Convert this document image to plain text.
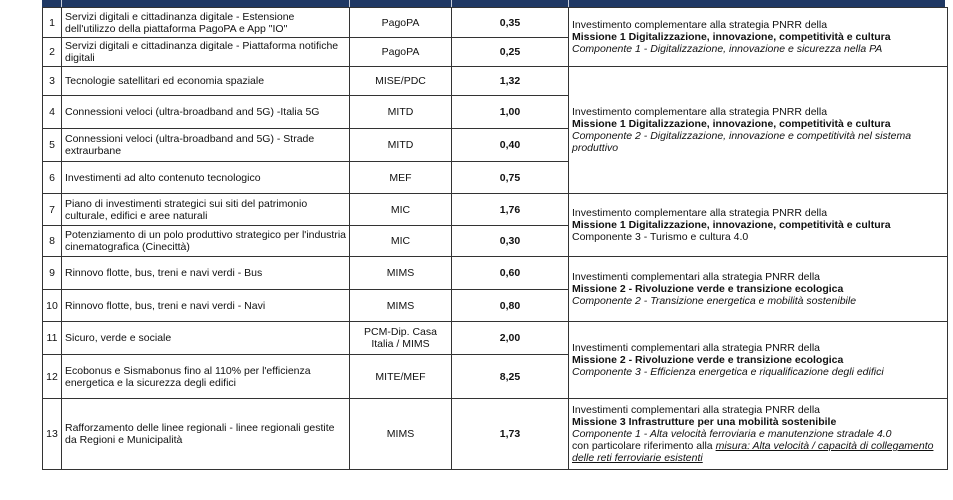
1	Servizi digitali e cittadinanza digitale - Estensione dell'utilizzo della piattaforma PagoPA e App "IO"	PagoPA	0,35	Investimento complementare alla strategia PNRR della
Missione 1 Digitalizzazione, innovazione, competitività e cultura
Componente 1 - Digitalizzazione, innovazione e sicurezza nella PA

2	Servizi digitali e cittadinanza digitale - Piattaforma notifiche digitali	PagoPA	0,25	
3	Tecnologie satellitari ed economia spaziale	MISE/PDC	1,32	Investimento complementare alla strategia PNRR della
Missione 1 Digitalizzazione, innovazione, competitività e cultura
Componente 2 - Digitalizzazione, innovazione e competitività nel sistema produttivo

4	Connessioni veloci (ultra-broadband and 5G) -Italia 5G	MITD	1,00	
5	Connessioni veloci (ultra-broadband and 5G) - Strade extraurbane	MITD	0,40	
6	Investimenti ad alto contenuto tecnologico	MEF	0,75	
7	Piano di investimenti strategici sui siti del patrimonio culturale, edifici e aree naturali	MIC	1,76	Investimento complementare alla strategia PNRR della
Missione 1 Digitalizzazione, innovazione, competitività e cultura
Componente 3 - Turismo e cultura 4.0

8	Potenziamento di un polo produttivo strategico per l'industria cinematografica (Cinecittà)	MIC	0,30	
9	Rinnovo flotte, bus, treni e navi verdi - Bus	MIMS	0,60	Investimenti complementari alla strategia PNRR della
Missione 2 - Rivoluzione verde e transizione ecologica
Componente 2 - Transizione energetica e mobilità sostenibile

10	Rinnovo flotte, bus, treni e navi verdi - Navi	MIMS	0,80	
11	Sicuro, verde e sociale	PCM-Dip. Casa Italia / MIMS	2,00	Investimenti complementari alla strategia PNRR della
Missione 2 - Rivoluzione verde e transizione ecologica
Componente 3 - Efficienza energetica e riqualificazione degli edifici

12	Ecobonus e Sismabonus fino al 110% per l'efficienza energetica e la sicurezza degli edifici	MITE/MEF	8,25	
13	Rafforzamento delle linee regionali - linee regionali gestite da Regioni e Municipalità	MIMS	1,73	Investimenti complementari alla strategia PNRR della
Missione 3 Infrastrutture per una mobilità sostenibile
Componente 1 - Alta velocità ferroviaria e manutenzione stradale 4.0
con particolare riferimento alla misura: Alta velocità / capacità di collegamento
delle reti ferroviarie esistenti
